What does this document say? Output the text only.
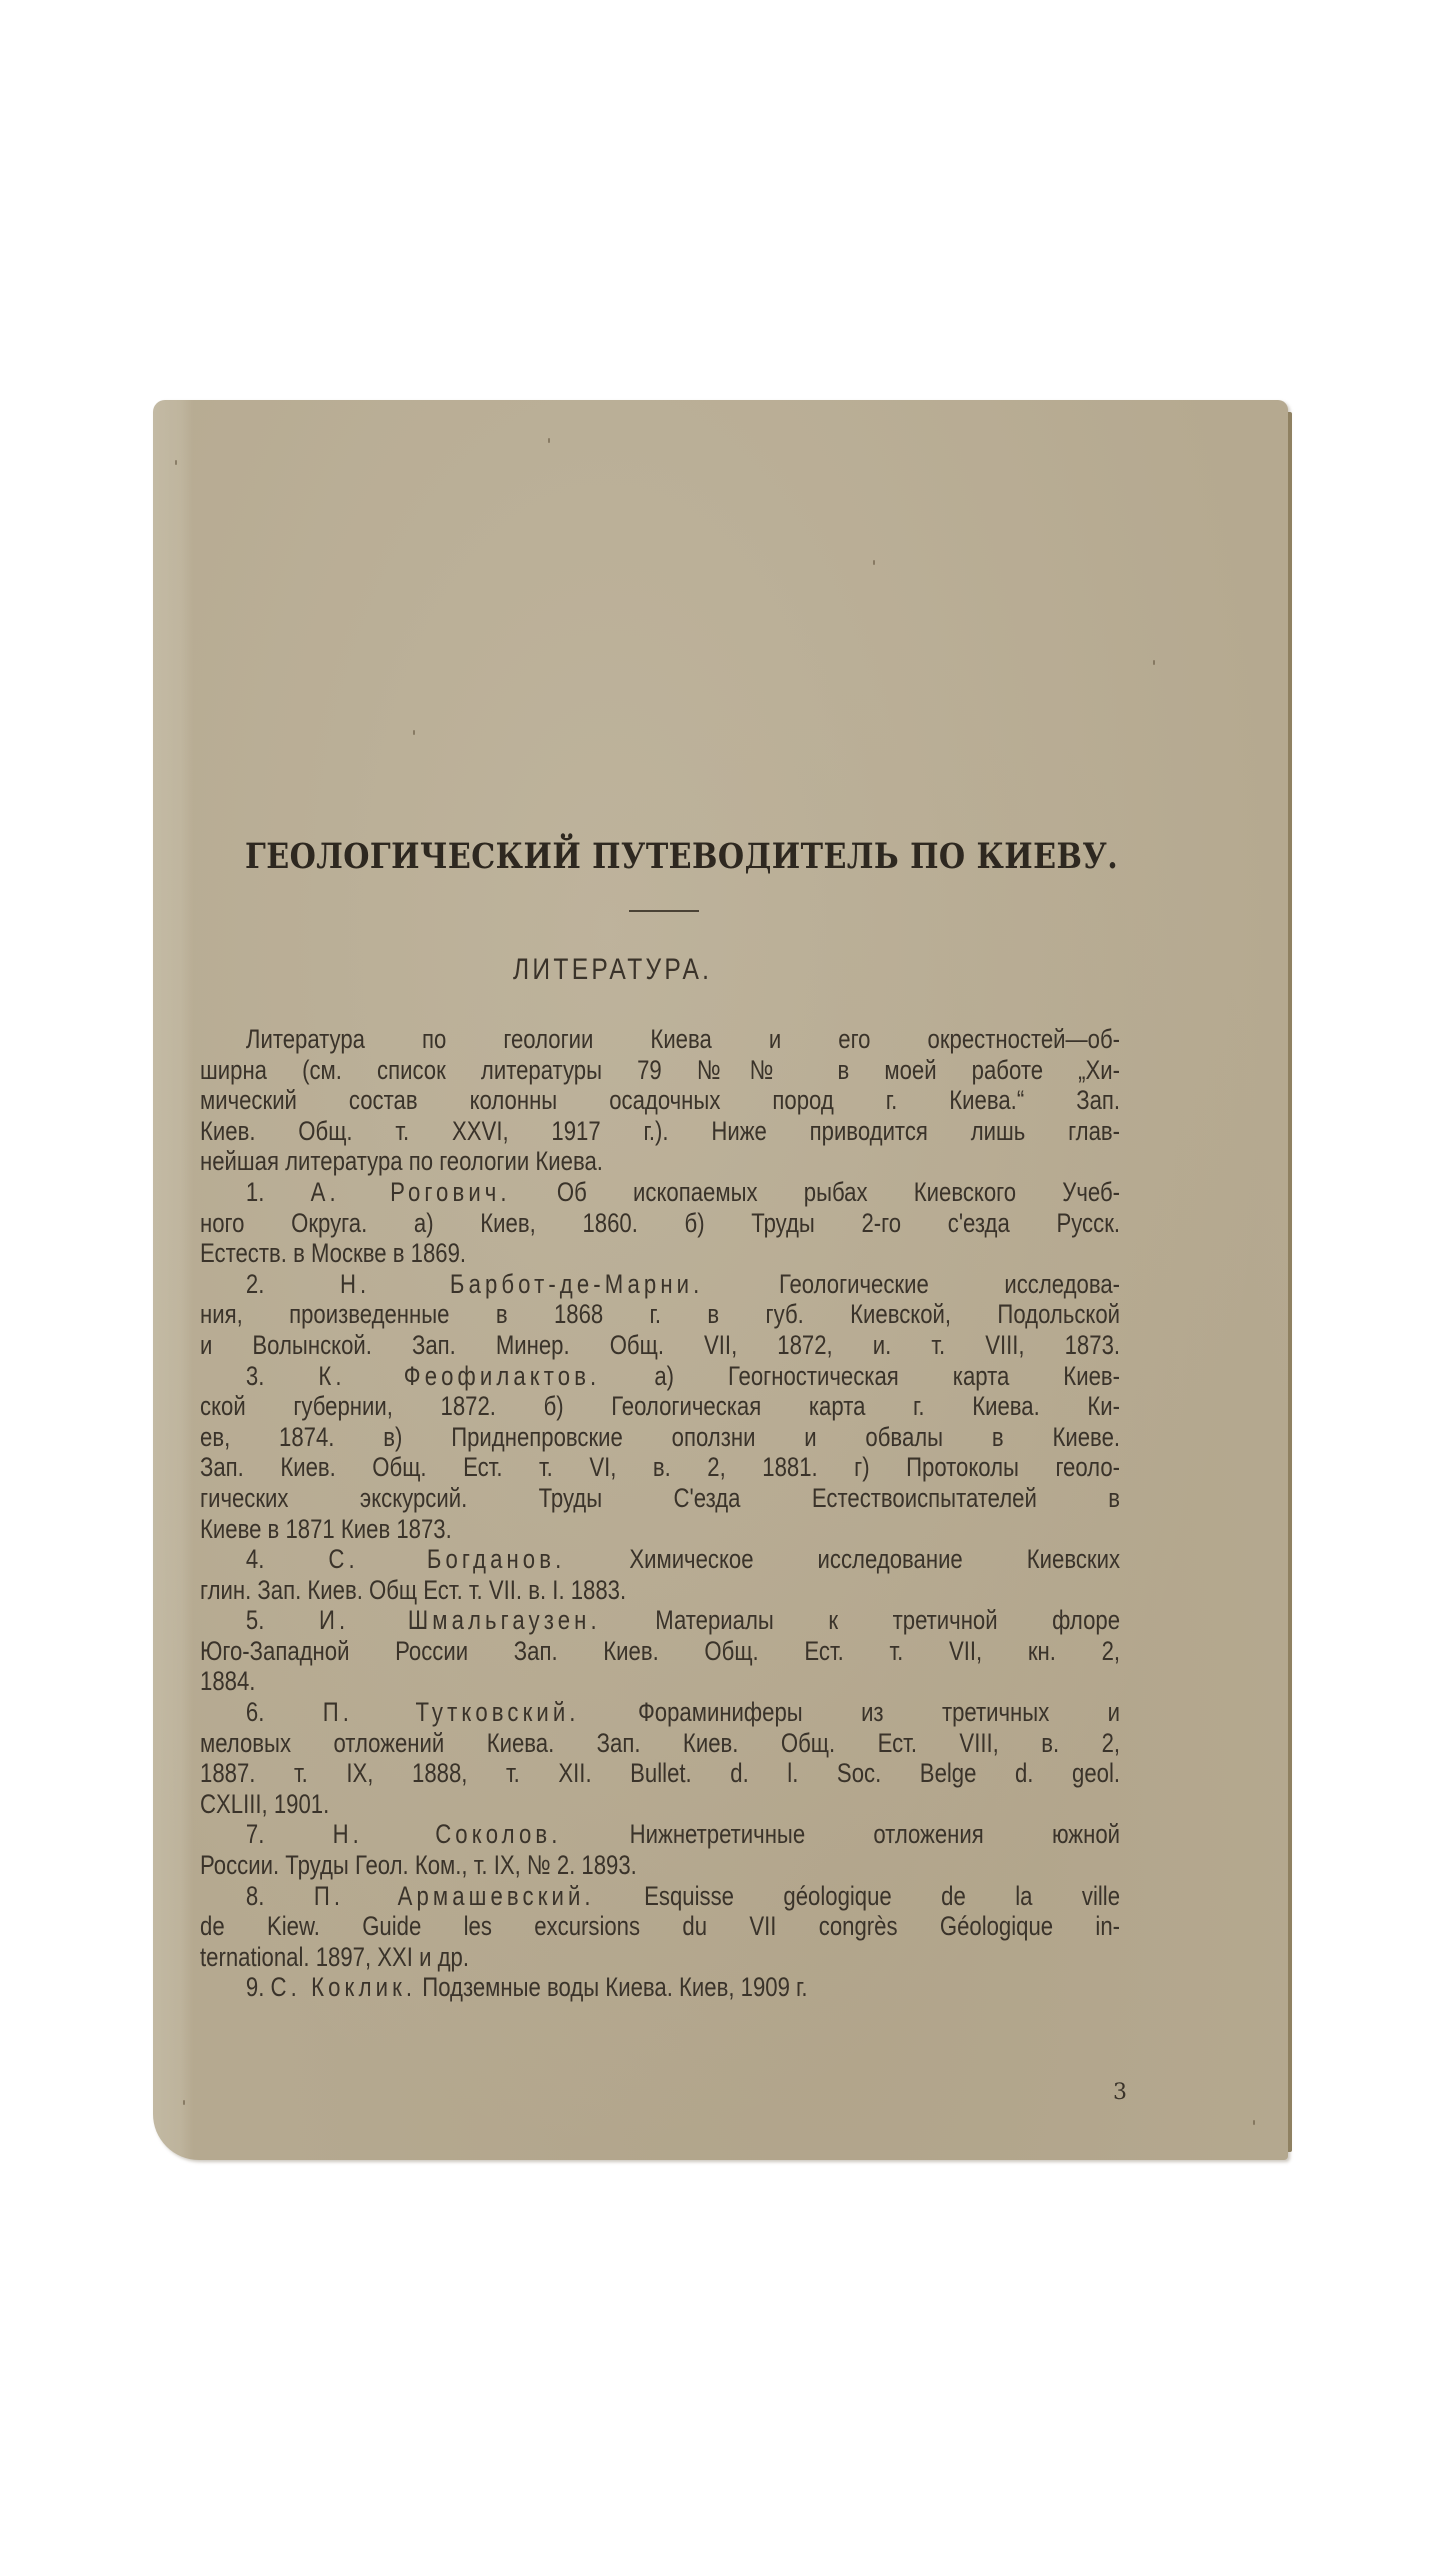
ГЕОЛОГИЧЕСКИЙ ПУТЕВОДИТЕЛЬ ПО КИЕВУ.
ЛИТЕРАТУРА.
Литература по геологии Киева и его окрестностей—об-
ширна (см. список литературы 79 №№ в моей работе „Хи-
мический состав колонны осадочных пород г. Киева.“ Зап.
Киев. Общ. т. XXVI, 1917 г.). Ниже приводится лишь глав-
нейшая литература по геологии Киева.
1. А. Рогович. Об ископаемых рыбах Киевского Учеб-
ного Округа. а) Киев, 1860. б) Труды 2-го с'езда Русск.
Естеств. в Москве в 1869.
2.	Н. Барбот-де-Марни.	Геологические исследова-
ния, произведенные в 1868 г. в губ. Киевской, Подольской
и Волынской. Зап. Минер. Общ. VII, 1872, и. т. VIII, 1873.
3. К. Феофилактов. а) Геогностическая карта Киев-
ской губернии, 1872. б) Геологическая карта г. Киева. Ки-
ев, 1874. в) Приднепровские оползни и обвалы в Киеве.
Зап. Киев. Общ. Ест. т. VI, в. 2, 1881. г) Протоколы геоло-
гических экскурсий. Труды С'езда Естествоиспытателей в
Киеве в 1871 Киев 1873.
4. С. Богданов. Химическое исследование Киевских
глин. Зап. Киев. Общ Ест. т. VII. в. I. 1883.
5. И. Шмальгаузен. Материалы к третичной флоре
Юго-Западной России Зап. Киев. Общ. Ест. т. VII, кн. 2,
1884.
6. П. Тутковский. Фораминиферы из третичных и
меловых отложений Киева. Зап. Киев. Общ. Ест. VIII, в. 2,
1887. т. IX, 1888, т. XII. Bullet. d. l. Soc. Belge d. geol.
CXLIII, 1901.
7.	Н. Соколов.	Нижнетретичные отложения южной
России. Труды Геол. Ком., т. IX, № 2. 1893.
8. П. Армашевский. Esquisse géologique de la ville
de Kiew. Guide les excursions du VII congrès Géologique in-
ternational. 1897, XXI и др.
9. С. Коклик. Подземные воды Киева. Киев, 1909 г.
3
